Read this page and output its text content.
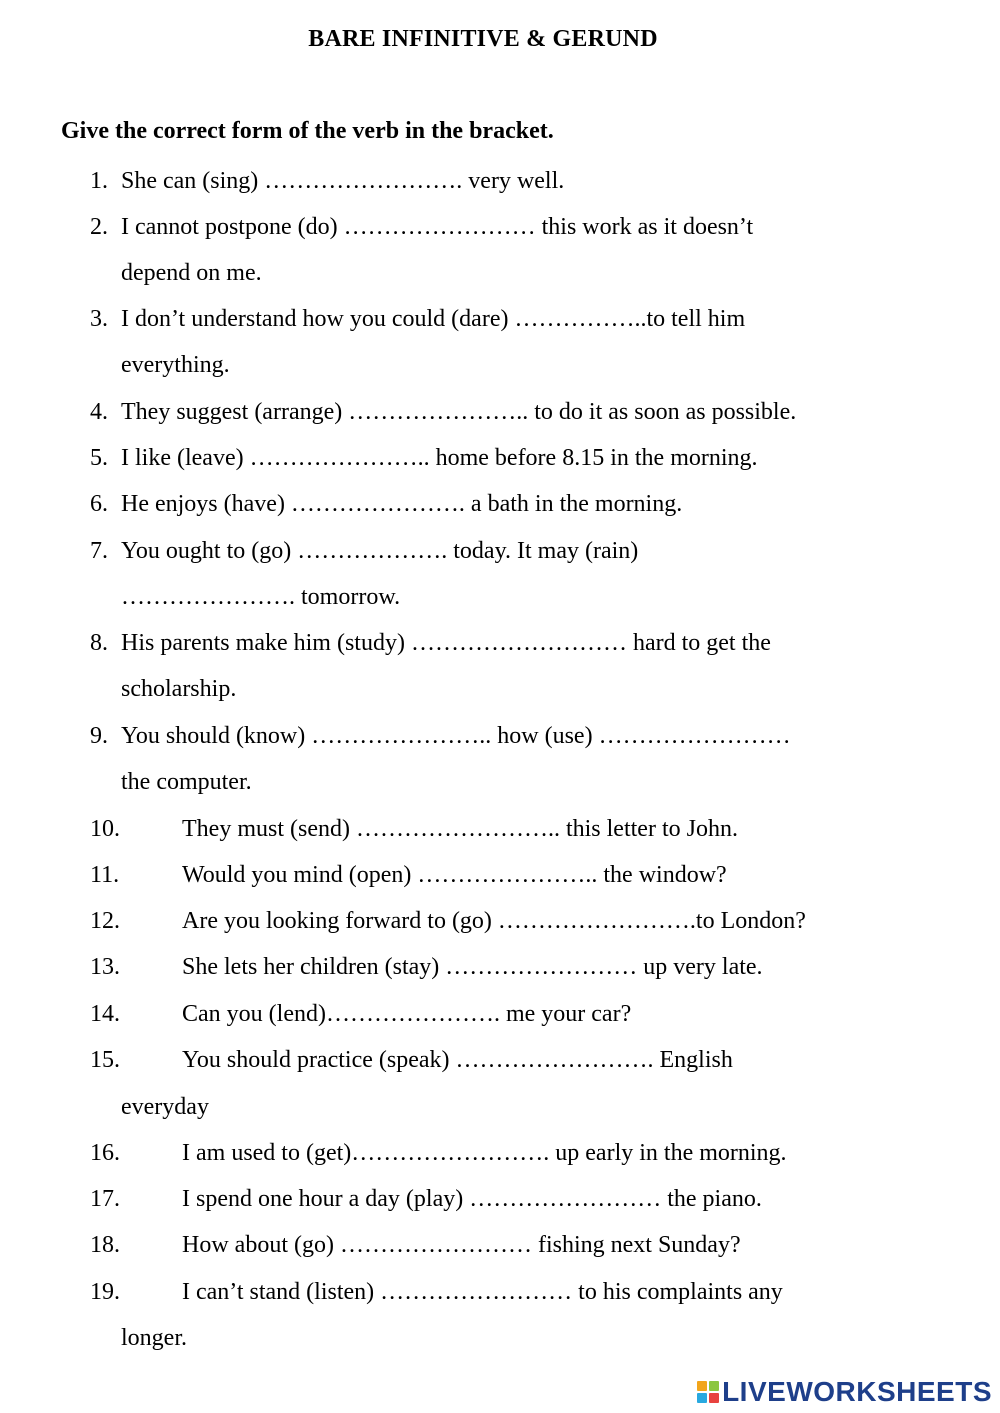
BARE INFINITIVE & GERUND
Give the correct form of the verb in the bracket.
1. She can (sing) ……………………. very well.
2. I cannot postpone (do) …………………… this work as it doesn’t
depend on me.
3. I don’t understand how you could (dare) ……………..to tell him
everything.
4. They suggest (arrange) ………………….. to do it as soon as possible.
5. I like (leave) ………………….. home before 8.15 in the morning.
6. He enjoys (have) …………………. a bath in the morning.
7. You ought to (go) ………………. today. It may (rain)
…………………. tomorrow.
8. His parents make him (study) ……………………… hard to get the
scholarship.
9. You should (know) ………………….. how (use) ……………………
the computer.
10.	They must (send) …………………….. this letter to John.
11.	Would you mind (open) ………………….. the window?
12.	Are you looking forward to (go) …………………….to London?
13.	She lets her children (stay) …………………… up very late.
14.	Can you (lend)…………………. me your car?
15.	You should practice (speak) ……………………. English
everyday
16.	I am used to (get)……………………. up early in the morning.
17.	I spend one hour a day (play) …………………… the piano.
18.	How about (go) …………………… fishing next Sunday?
19.	I can’t stand (listen) …………………… to his complaints any
longer.
LIVEWORKSHEETS
